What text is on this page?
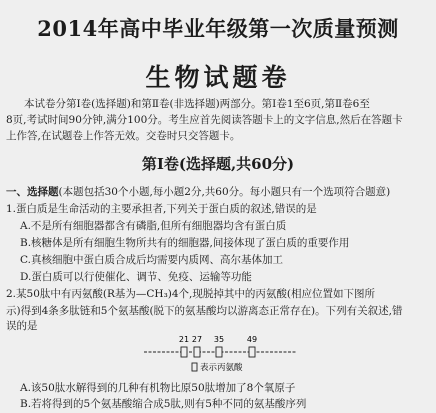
2014年高中毕业年级第一次质量预测
生物试题卷
本试卷分第Ⅰ卷(选择题)和第Ⅱ卷(非选择题)两部分。第Ⅰ卷1至6页,第Ⅱ卷6至
8页,考试时间90分钟,满分100分。考生应首先阅读答题卡上的文字信息,然后在答题卡
上作答,在试题卷上作答无效。交卷时只交答题卡。
第Ⅰ卷(选择题,共60分)
一、选择题(本题包括30个小题,每小题2分,共60分。每小题只有一个选项符合题意)
1.蛋白质是生命活动的主要承担者,下列关于蛋白质的叙述,错误的是
A.不是所有细胞器都含有磷脂,但所有细胞器均含有蛋白质
B.核糖体是所有细胞生物所共有的细胞器,间接体现了蛋白质的重要作用
C.真核细胞中蛋白质合成后均需要内质网、高尔基体加工
D.蛋白质可以行使催化、调节、免疫、运输等功能
2.某50肽中有丙氨酸(R基为—CH₃)4个,现脱掉其中的丙氨酸(相应位置如下图所
示)得到4条多肽链和5个氨基酸(脱下的氨基酸均以游离态正常存在)。下列有关叙述,错
误的是
21 27 35	49
表示丙氨酸
A.该50肽水解得到的几种有机物比原50肽增加了8个氧原子
B.若将得到的5个氨基酸缩合成5肽,则有5种不同的氨基酸序列
